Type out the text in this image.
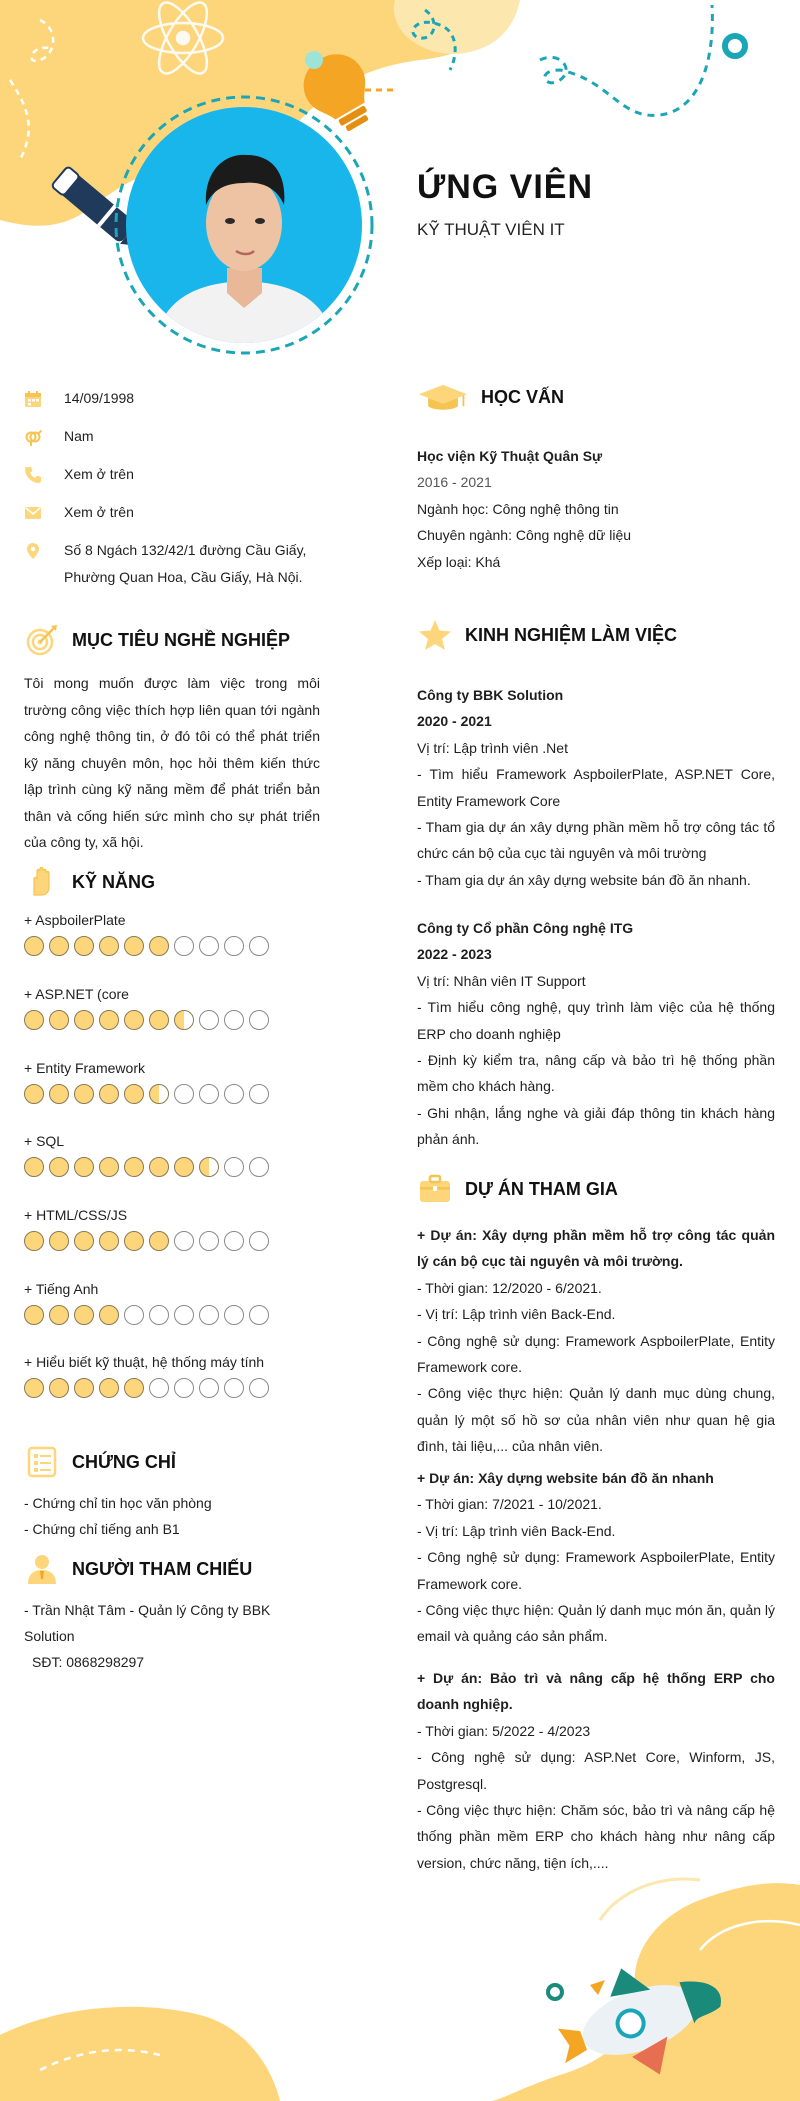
ỨNG VIÊN
KỸ THUẬT VIÊN IT
14/09/1998
Nam
Xem ở trên
Xem ở trên
Số 8 Ngách 132/42/1 đường Cầu Giấy, Phường Quan Hoa, Cầu Giấy, Hà Nội.
MỤC TIÊU NGHỀ NGHIỆP
Tôi mong muốn được làm việc trong môi trường công việc thích hợp liên quan tới ngành công nghệ thông tin, ở đó tôi có thể phát triển kỹ năng chuyên môn, học hỏi thêm kiến thức lập trình cùng kỹ năng mềm để phát triển bản thân và cống hiến sức mình cho sự phát triển của công ty, xã hội.
KỸ NĂNG
+ AspboilerPlate
+ ASP.NET (core
+ Entity Framework
+ SQL
+ HTML/CSS/JS
+ Tiếng Anh
+ Hiểu biết kỹ thuật, hệ thống máy tính
CHỨNG CHỈ
- Chứng chỉ tin học văn phòng
- Chứng chỉ tiếng anh B1
NGƯỜI THAM CHIẾU
- Trần Nhật Tâm - Quản lý Công ty BBK Solution
SĐT: 0868298297
HỌC VẤN

Học viện Kỹ Thuật Quân Sự

2016 - 2021

Ngành học: Công nghệ thông tin

Chuyên ngành: Công nghệ dữ liệu

Xếp loại: Khá

KINH NGHIỆM LÀM VIỆC

Công ty BBK Solution

2020 - 2021

Vị trí: Lập trình viên .Net

- Tìm hiểu Framework AspboilerPlate, ASP.NET Core, Entity Framework Core

- Tham gia dự án xây dựng phần mềm hỗ trợ công tác tổ chức cán bộ của cục tài nguyên và môi trường

- Tham gia dự án xây dựng website bán đồ ăn nhanh.

Công ty Cổ phần Công nghệ ITG

2022 - 2023

Vị trí: Nhân viên IT Support

- Tìm hiểu công nghệ, quy trình làm việc của hệ thống ERP cho doanh nghiệp

- Định kỳ kiểm tra, nâng cấp và bảo trì hệ thống phần mềm cho khách hàng.

- Ghi nhận, lắng nghe và giải đáp thông tin khách hàng phản ánh.

DỰ ÁN THAM GIA

+ Dự án: Xây dựng phần mềm hỗ trợ công tác quản lý cán bộ cục tài nguyên và môi trường.

- Thời gian: 12/2020 - 6/2021.

- Vị trí: Lập trình viên Back-End.

- Công nghệ sử dụng: Framework AspboilerPlate, Entity Framework core.

- Công việc thực hiện: Quản lý danh mục dùng chung, quản lý một số hồ sơ của nhân viên như quan hệ gia đình, tài liệu,... của nhân viên.

+ Dự án: Xây dựng website bán đồ ăn nhanh

- Thời gian: 7/2021 - 10/2021.

- Vị trí: Lập trình viên Back-End.

- Công nghệ sử dụng: Framework AspboilerPlate, Entity Framework core.

- Công việc thực hiện: Quản lý danh mục món ăn, quản lý email và quảng cáo sản phẩm.

+ Dự án: Bảo trì và nâng cấp hệ thống ERP cho doanh nghiệp.

- Thời gian: 5/2022 - 4/2023

- Công nghệ sử dụng: ASP.Net Core, Winform, JS, Postgresql.

- Công việc thực hiện: Chăm sóc, bảo trì và nâng cấp hệ thống phần mềm ERP cho khách hàng như nâng cấp version, chức năng, tiện ích,....
